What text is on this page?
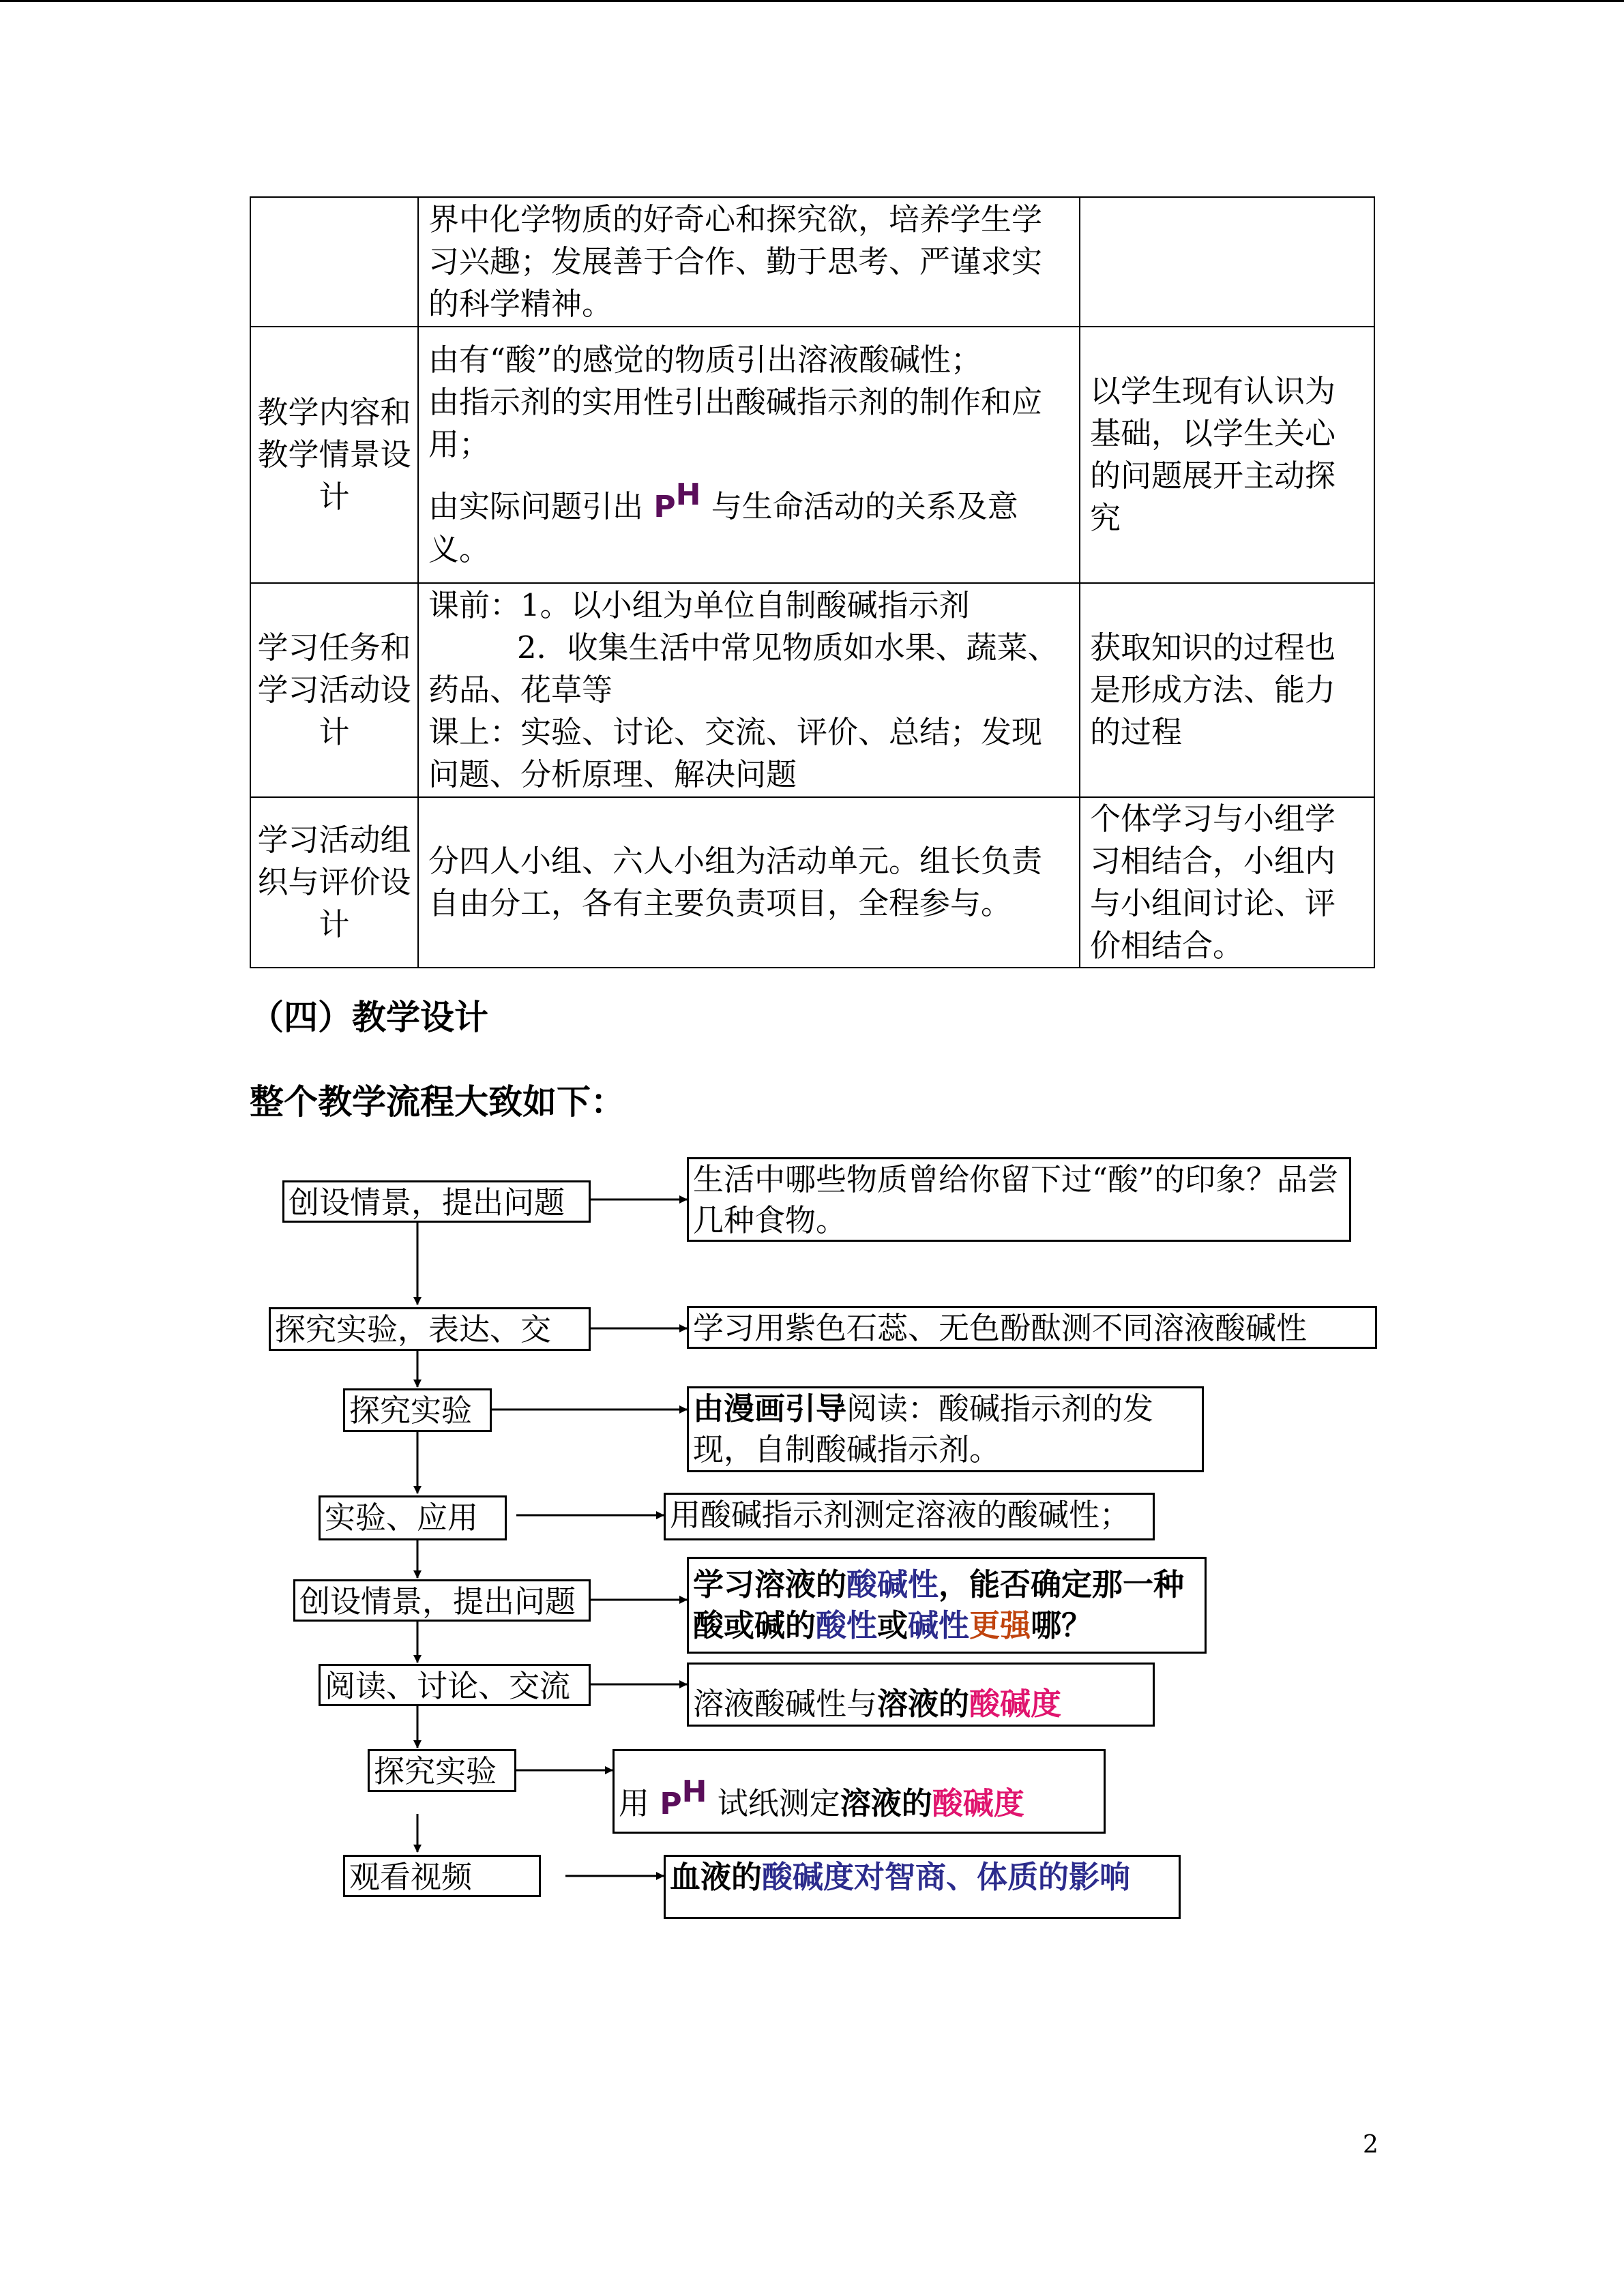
	界中化学物质的好奇心和探究欲，培养学生学习兴趣；发展善于合作、勤于思考、严谨求实的科学精神。	
教学内容和教学情景设计	由有“酸”的感觉的物质引出溶液酸碱性；
由指示剂的实用性引出酸碱指示剂的制作和应用；
由实际问题引出 $P^H$ 与生命活动的关系及意义。	以学生现有认识为基础，以学生关心的问题展开主动探究
学习任务和学习活动设计	课前：1。以小组为单位自制酸碱指示剂
2．收集生活中常见物质如水果、蔬菜、药品、花草等
课上：实验、讨论、交流、评价、总结；发现问题、分析原理、解决问题	获取知识的过程也是形成方法、能力的过程
学习活动组织与评价设计	分四人小组、六人小组为活动单元。组长负责自由分工，各有主要负责项目，全程参与。	个体学习与小组学习相结合，小组内与小组间讨论、评价相结合。
（四）教学设计
整个教学流程大致如下：
创设情景，提出问题
探究实验，表达、交
探究实验
实验、应用
创设情景，提出问题
阅读、讨论、交流
探究实验
观看视频
生活中哪些物质曾给你留下过“酸”的印象？品尝几种食物。
学习用紫色石蕊、无色酚酞测不同溶液酸碱性
由漫画引导阅读：酸碱指示剂的发现，自制酸碱指示剂。
用酸碱指示剂测定溶液的酸碱性；
学习溶液的酸碱性，能否确定那一种酸或碱的酸性或碱性更强哪？
溶液酸碱性与溶液的酸碱度
用 $P^H$ 试纸测定溶液的酸碱度
血液的酸碱度对智商、体质的影响
2
